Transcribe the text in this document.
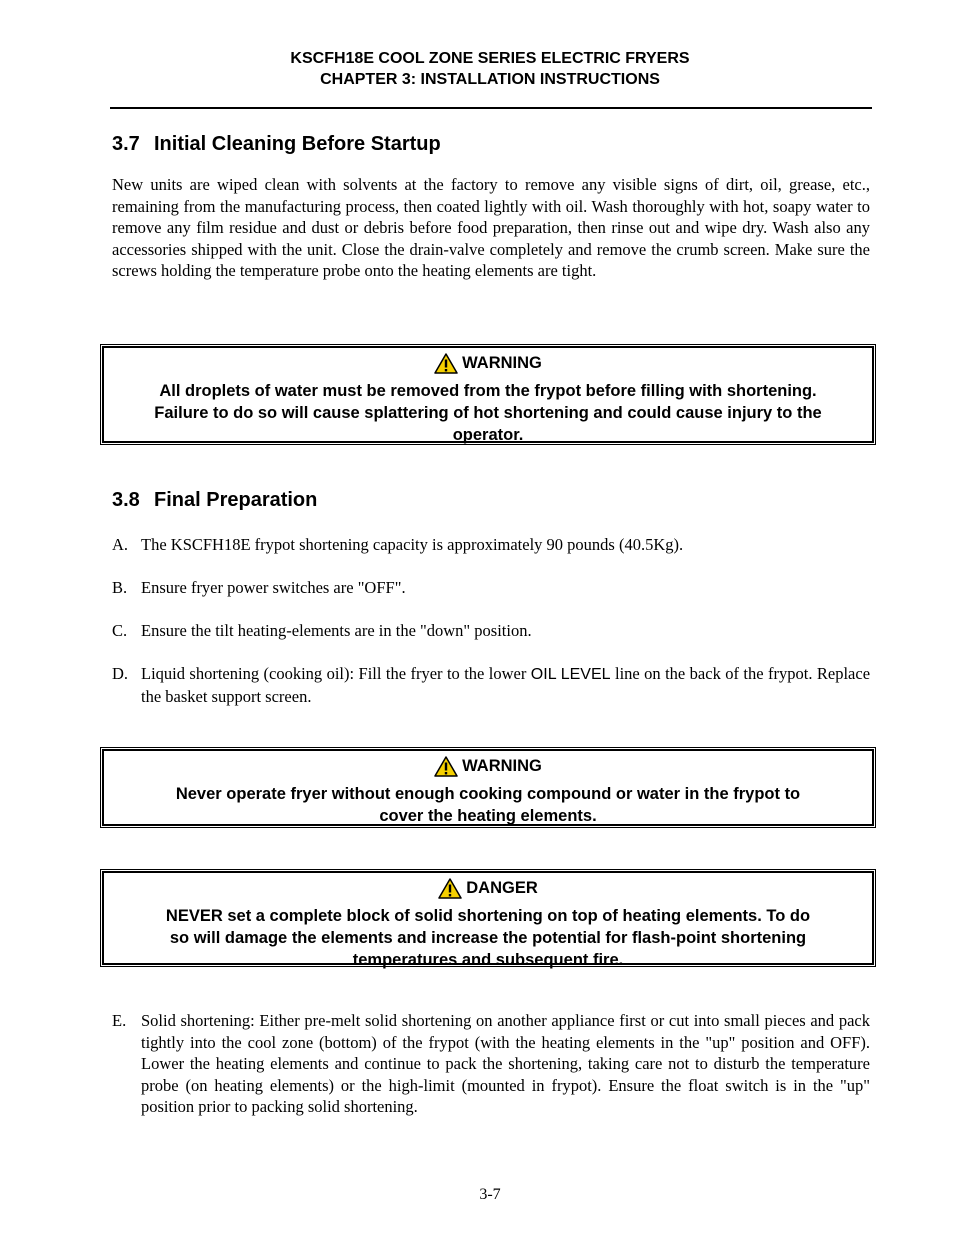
KSCFH18E COOL ZONE SERIES ELECTRIC FRYERS
CHAPTER 3: INSTALLATION INSTRUCTIONS
3.7 Initial Cleaning Before Startup
New units are wiped clean with solvents at the factory to remove any visible signs of dirt, oil, grease, etc., remaining from the manufacturing process, then coated lightly with oil. Wash thoroughly with hot, soapy water to remove any film residue and dust or debris before food preparation, then rinse out and wipe dry. Wash also any accessories shipped with the unit. Close the drain-valve completely and remove the crumb screen. Make sure the screws holding the temperature probe onto the heating elements are tight.
WARNING
All droplets of water must be removed from the frypot before filling with shortening.
Failure to do so will cause splattering of hot shortening and could cause injury to the
operator.
3.8 Final Preparation
A. The KSCFH18E frypot shortening capacity is approximately 90 pounds (40.5Kg).
B. Ensure fryer power switches are "OFF".
C. Ensure the tilt heating-elements are in the "down" position.
D. Liquid shortening (cooking oil): Fill the fryer to the lower OIL LEVEL line on the back of the frypot. Replace the basket support screen.
WARNING
Never operate fryer without enough cooking compound or water in the frypot to
cover the heating elements.
DANGER
NEVER set a complete block of solid shortening on top of heating elements. To do
so will damage the elements and increase the potential for flash-point shortening
temperatures and subsequent fire.
E. Solid shortening: Either pre-melt solid shortening on another appliance first or cut into small pieces and pack tightly into the cool zone (bottom) of the frypot (with the heating elements in the "up" position and OFF). Lower the heating elements and continue to pack the shortening, taking care not to disturb the temperature probe (on heating elements) or the high-limit (mounted in frypot). Ensure the float switch is in the "up" position prior to packing solid shortening.
3-7
